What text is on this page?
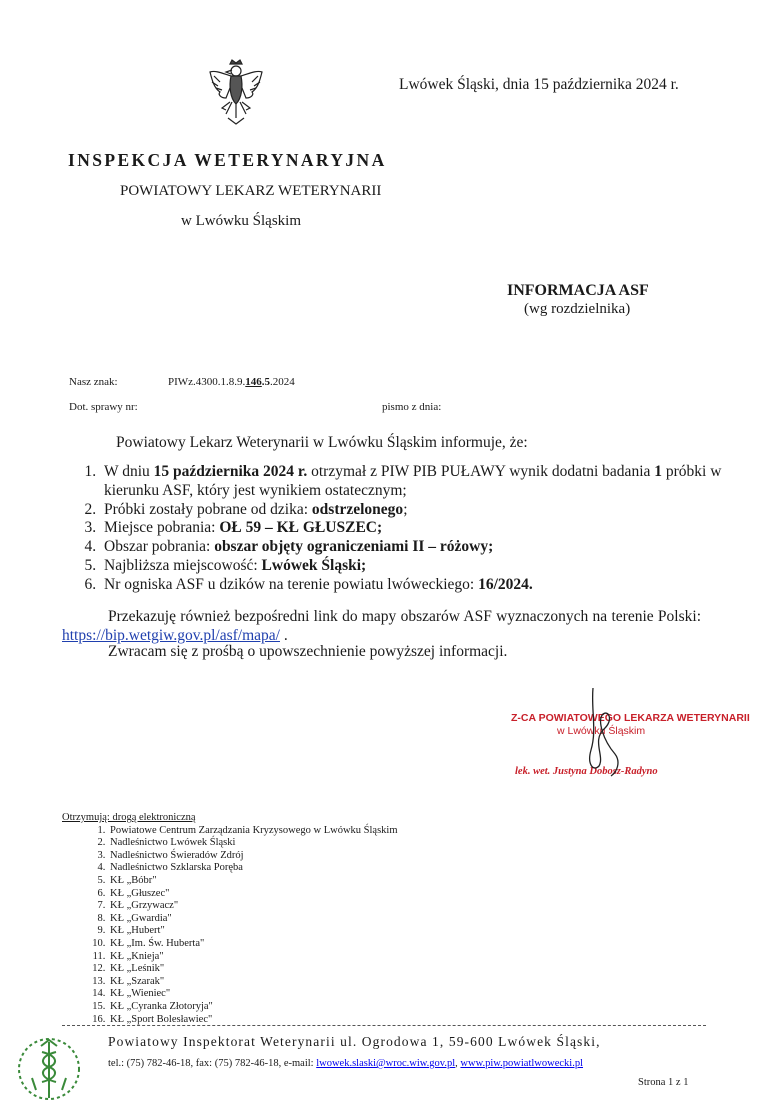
Lwówek Śląski, dnia 15 października 2024 r.
INSPEKCJA WETERYNARYJNA
POWIATOWY LEKARZ WETERYNARII
w Lwówku Śląskim
INFORMACJA ASF
(wg rozdzielnika)
Nasz znak:	PIWz.4300.1.8.9.146.5.2024
Dot. sprawy nr:	pismo z dnia:
Powiatowy Lekarz Weterynarii w Lwówku Śląskim informuje, że:
1. W dniu 15 października 2024 r. otrzymał z PIW PIB PUŁAWY wynik dodatni badania 1 próbki w kierunku ASF, który jest wynikiem ostatecznym;
2. Próbki zostały pobrane od dzika: odstrzelonego;
3. Miejsce pobrania: OŁ 59 – KŁ GŁUSZEC;
4. Obszar pobrania: obszar objęty ograniczeniami II – różowy;
5. Najbliższa miejscowość: Lwówek Śląski;
6. Nr ogniska ASF u dzików na terenie powiatu lwóweckiego: 16/2024.
Przekazuję również bezpośredni link do mapy obszarów ASF wyznaczonych na terenie Polski: https://bip.wetgiw.gov.pl/asf/mapa/ .
Zwracam się z prośbą o upowszechnienie powyższej informacji.
Z-CA POWIATOWEGO LEKARZA WETERYNARII
w Lwówku Śląskim
lek. wet. Justyna Dobosz-Radyno
Otrzymują: drogą elektroniczną
1. Powiatowe Centrum Zarządzania Kryzysowego w Lwówku Śląskim
2. Nadleśnictwo Lwówek Śląski
3. Nadleśnictwo Świeradów Zdrój
4. Nadleśnictwo Szklarska Poręba
5. KŁ „Bóbr"
6. KŁ „Głuszec"
7. KŁ „Grzywacz"
8. KŁ „Gwardia"
9. KŁ „Hubert"
10. KŁ „Im. Św. Huberta"
11. KŁ „Knieja"
12. KŁ „Leśnik"
13. KŁ „Szarak"
14. KŁ „Wieniec"
15. KŁ „Cyranka Złotoryja"
16. KŁ „Sport Bolesławiec"
Powiatowy Inspektorat Weterynarii ul. Ogrodowa 1, 59-600 Lwówek Śląski,
tel.: (75) 782-46-18, fax: (75) 782-46-18, e-mail: lwowek.slaski@wroc.wiw.gov.pl, www.piw.powiatlwowecki.pl
Strona 1 z 1
